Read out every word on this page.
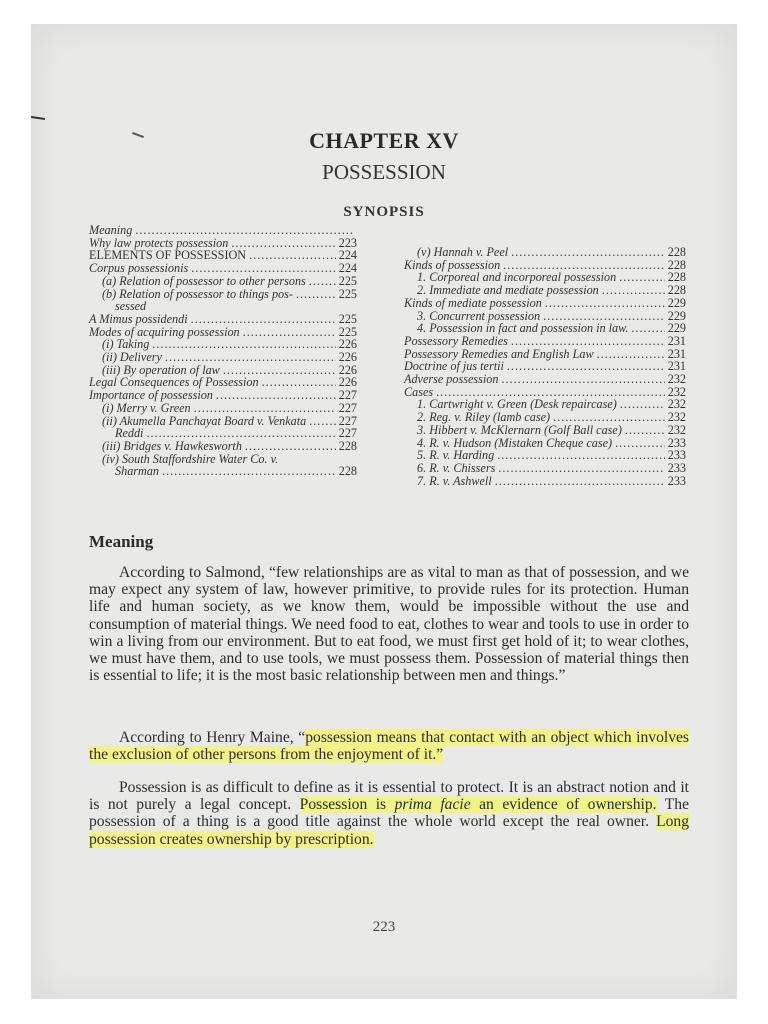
CHAPTER XV
POSSESSION
SYNOPSIS
Meaning
.....
Why law protects possession .....	223
ELEMENTS OF POSSESSION .....	224
Corpus possessionis .....	224
(a) Relation of possessor to other persons .....	225
(b) Relation of possessor to things pos- .....	225
sessed
A Mimus possidendi .....	225
Modes of acquiring possession .....	225
(i) Taking .....	226
(ii) Delivery .....	226
(iii) By operation of law .....	226
Legal Consequences of Possession .....	226
Importance of possession .....	227
(i) Merry v. Green .....	227
(ii) Akumella Panchayat Board v. Venkata .....	227
Reddi .....	227
(iii) Bridges v. Hawkesworth .....	228
(iv) South Staffordshire Water Co. v.
Sharman .....	228
(v) Hannah v. Peel .....	228
Kinds of possession .....	228
1. Corporeal and incorporeal possession .....	228
2. Immediate and mediate possession .....	228
Kinds of mediate possession .....	229
3. Concurrent possession .....	229
4. Possession in fact and possession in law. .....	229
Possessory Remedies .....	231
Possessory Remedies and English Law .....	231
Doctrine of jus tertii .....	231
Adverse possession .....	232
Cases .....	232
1. Cartwright v. Green (Desk repaircase) .....	232
2. Reg. v. Riley (lamb case) .....	232
3. Hibbert v. McKlernarn (Golf Ball case) .....	232
4. R. v. Hudson (Mistaken Cheque case) .....	233
5. R. v. Harding .....	233
6. R. v. Chissers .....	233
7. R. v. Ashwell .....	233
Meaning

According to Salmond, “few relationships are as vital to man as that of possession, and we may expect any system of law, however primitive, to provide rules for its protection. Human life and human society, as we know them, would be impossible without the use and consumption of material things. We need food to eat, clothes to wear and tools to use in order to win a living from our environment. But to eat food, we must first get hold of it; to wear clothes, we must have them, and to use tools, we must possess them. Possession of material things then is essential to life; it is the most basic relationship between men and things.”

According to Henry Maine, “possession means that contact with an object which involves the exclusion of other persons from the enjoyment of it.”

Possession is as difficult to define as it is essential to protect. It is an abstract notion and it is not purely a legal concept. Possession is prima facie an evidence of ownership. The possession of a thing is a good title against the whole world except the real owner. Long possession creates ownership by prescription.

223
